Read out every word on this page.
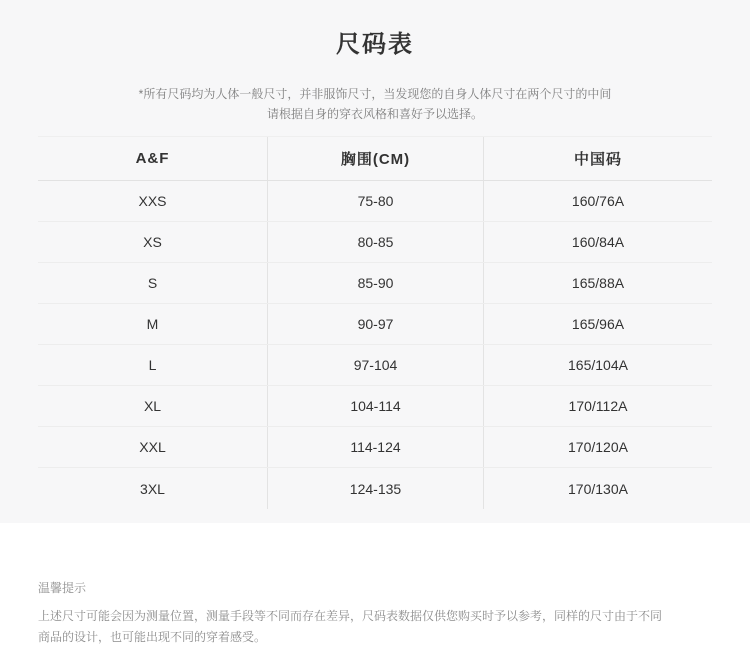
尺码表

*所有尺码均为人体一般尺寸，并非服饰尺寸，当发现您的自身人体尺寸在两个尺寸的中间
请根据自身的穿衣风格和喜好予以选择。

A&F	胸围(CM)	中国码
XXS	75-80	160/76A
XS	80-85	160/84A
S	85-90	165/88A
M	90-97	165/96A
L	97-104	165/104A
XL	104-114	170/112A
XXL	114-124	170/120A
3XL	124-135	170/130A
温馨提示

上述尺寸可能会因为测量位置，测量手段等不同而存在差异，尺码表数据仅供您购买时予以参考，同样的尺寸由于不同
商品的设计，也可能出现不同的穿着感受。
